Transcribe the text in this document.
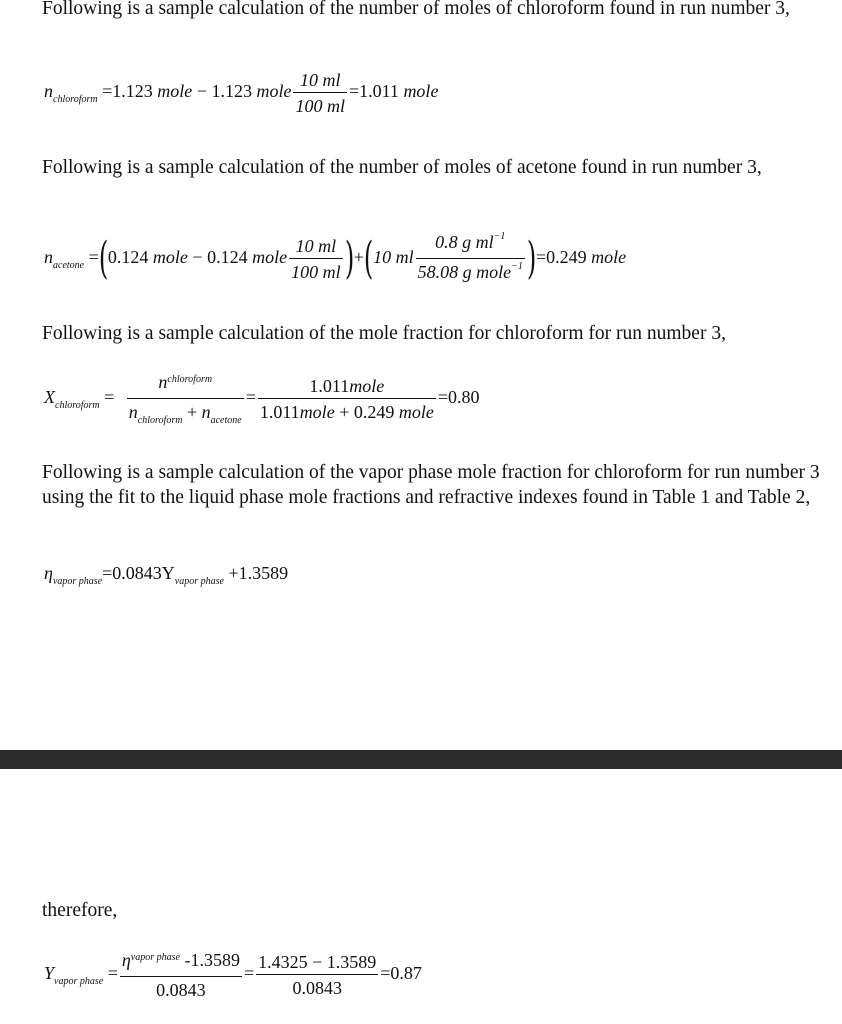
Following is a sample calculation of the number of moles of chloroform found in run number 3,
$n_{chloroform} =1.123$ mole − 1.123 mole $\frac{10 ml}{100 ml} =1.011$ mole
Following is a sample calculation of the number of moles of acetone found in run number 3,
$n_{acetone} =(0.124$ mole − 0.124 mole $\frac{10 ml}{100 ml} )+(10$ ml $\frac{0.8 g ml^{-1}}{58.08 g mole^{-1}} )=0.249$ mole
Following is a sample calculation of the mole fraction for chloroform for run number 3,
$X_{chloroform} = \frac{n^{chloroform}}{n_{chloroform} + n_{acetone}} = \frac{\text{1.011mole}}{\text{1.011mole + 0.249 mole}} =0.80$
Following is a sample calculation of the vapor phase mole fraction for chloroform for run number 3 using the fit to the liquid phase mole fractions and refractive indexes found in Table 1 and Table 2,
$\eta_{vapor phase}=0.0843Y_{vapor phase} +1.3589$
therefore,
$Y_{vapor phase} = \frac{\eta^{vapor phase} -1.3589}{0.0843} = \frac{1.4325 - 1.3589}{0.0843} =0.87$
